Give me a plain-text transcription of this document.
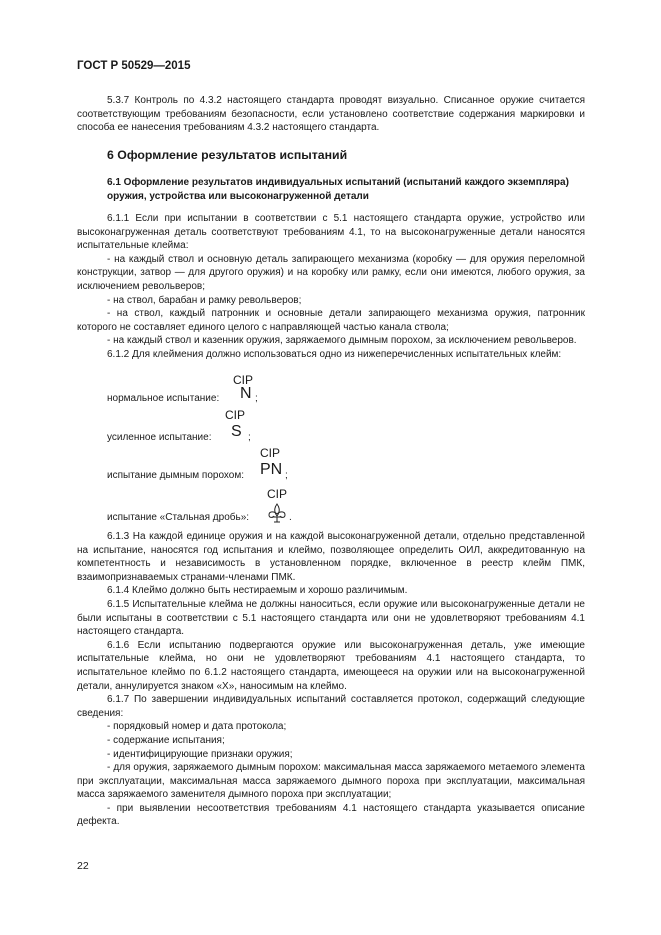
ГОСТ Р 50529—2015

5.3.7 Контроль по 4.3.2 настоящего стандарта проводят визуально. Списанное оружие считается соответствующим требованиям безопасности, если установлено соответствие содержания маркировки и способа ее нанесения требованиям 4.3.2 настоящего стандарта.

6 Оформление результатов испытаний
6.1 Оформление результатов индивидуальных испытаний (испытаний каждого экземпляра) оружия, устройства или высоконагруженной детали

6.1.1 Если при испытании в соответствии с 5.1 настоящего стандарта оружие, устройство или высоконагруженная деталь соответствуют требованиям 4.1, то на высоконагруженные детали наносятся испытательные клейма:

- на каждый ствол и основную деталь запирающего механизма (коробку — для оружия переломной конструкции, затвор — для другого оружия) и на коробку или рамку, если они имеются, любого оружия, за исключением револьверов;

- на ствол, барабан и рамку револьверов;

- на ствол, каждый патронник и основные детали запирающего механизма оружия, патронник которого не составляет единого целого с направляющей частью канала ствола;

- на каждый ствол и казенник оружия, заряжаемого дымным порохом, за исключением револьверов.

6.1.2 Для клеймения должно использоваться одно из нижеперечисленных испытательных клейм:

CIP
нормальное испытание: N ;
CIP
усиленное испытание: S ;
CIP
испытание дымным порохом: PN ;
CIP
испытание «Стальная дробь»:	.

6.1.3 На каждой единице оружия и на каждой высоконагруженной детали, отдельно представленной на испытание, наносятся год испытания и клеймо, позволяющее определить ОИЛ, аккредитованную на компетентность и независимость в установленном порядке, включенное в реестр клейм ПМК, взаимопризнаваемых странами-членами ПМК.

6.1.4 Клеймо должно быть нестираемым и хорошо различимым.

6.1.5 Испытательные клейма не должны наноситься, если оружие или высоконагруженные детали не были испытаны в соответствии с 5.1 настоящего стандарта или они не удовлетворяют требованиям 4.1 настоящего стандарта.

6.1.6 Если испытанию подвергаются оружие или высоконагруженная деталь, уже имеющие испытательные клейма, но они не удовлетворяют требованиям 4.1 настоящего стандарта, то испытательное клеймо по 6.1.2 настоящего стандарта, имеющееся на оружии или на высоконагруженной детали, аннулируется знаком «X», наносимым на клеймо.

6.1.7 По завершении индивидуальных испытаний составляется протокол, содержащий следующие сведения:

- порядковый номер и дата протокола;

- содержание испытания;

- идентифицирующие признаки оружия;

- для оружия, заряжаемого дымным порохом: максимальная масса заряжаемого метаемого элемента при эксплуатации, максимальная масса заряжаемого дымного пороха при эксплуатации, максимальная масса заряжаемого заменителя дымного пороха при эксплуатации;

- при выявлении несоответствия требованиям 4.1 настоящего стандарта указывается описание дефекта.

22
